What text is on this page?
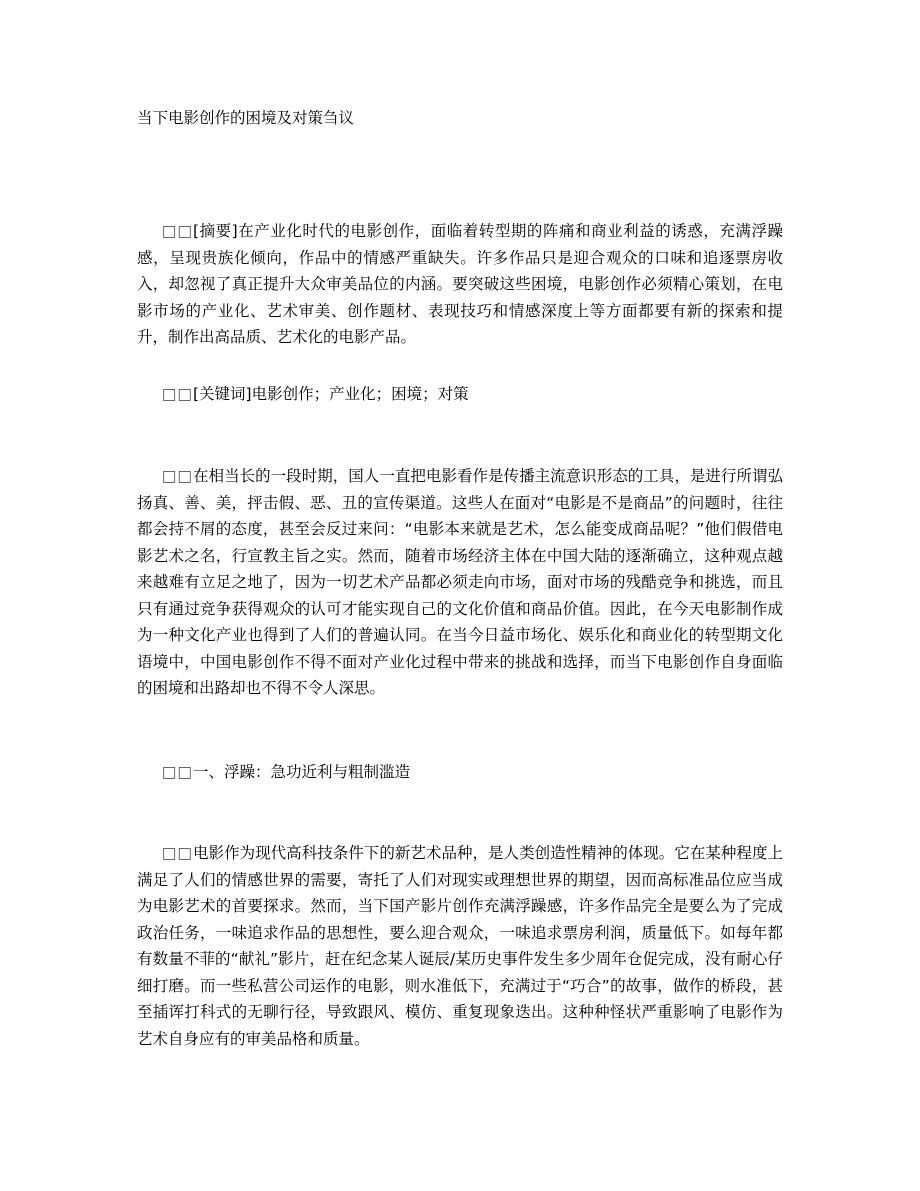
当下电影创作的困境及对策刍议

□□[摘要]在产业化时代的电影创作，面临着转型期的阵痛和商业利益的诱惑，充满浮躁感，呈现贵族化倾向，作品中的情感严重缺失。许多作品只是迎合观众的口味和追逐票房收入，却忽视了真正提升大众审美品位的内涵。要突破这些困境，电影创作必须精心策划，在电影市场的产业化、艺术审美、创作题材、表现技巧和情感深度上等方面都要有新的探索和提升，制作出高品质、艺术化的电影产品。

□□[关键词]电影创作；产业化；困境；对策

□□在相当长的一段时期，国人一直把电影看作是传播主流意识形态的工具，是进行所谓弘扬真、善、美，抨击假、恶、丑的宣传渠道。这些人在面对“电影是不是商品”的问题时，往往都会持不屑的态度，甚至会反过来问：“电影本来就是艺术，怎么能变成商品呢？”他们假借电影艺术之名，行宣教主旨之实。然而，随着市场经济主体在中国大陆的逐渐确立，这种观点越来越难有立足之地了，因为一切艺术产品都必须走向市场，面对市场的残酷竞争和挑选，而且只有通过竞争获得观众的认可才能实现自己的文化价值和商品价值。因此，在今天电影制作成为一种文化产业也得到了人们的普遍认同。在当今日益市场化、娱乐化和商业化的转型期文化语境中，中国电影创作不得不面对产业化过程中带来的挑战和选择，而当下电影创作自身面临的困境和出路却也不得不令人深思。

□□一、浮躁：急功近利与粗制滥造

□□电影作为现代高科技条件下的新艺术品种，是人类创造性精神的体现。它在某种程度上满足了人们的情感世界的需要，寄托了人们对现实或理想世界的期望，因而高标准品位应当成为电影艺术的首要探求。然而，当下国产影片创作充满浮躁感，许多作品完全是要么为了完成政治任务，一味追求作品的思想性，要么迎合观众，一味追求票房利润，质量低下。如每年都有数量不菲的“献礼”影片，赶在纪念某人诞辰/某历史事件发生多少周年仓促完成，没有耐心仔细打磨。而一些私营公司运作的电影，则水准低下，充满过于“巧合”的故事，做作的桥段，甚至插诨打科式的无聊行径，导致跟风、模仿、重复现象迭出。这种种怪状严重影响了电影作为艺术自身应有的审美品格和质量。
